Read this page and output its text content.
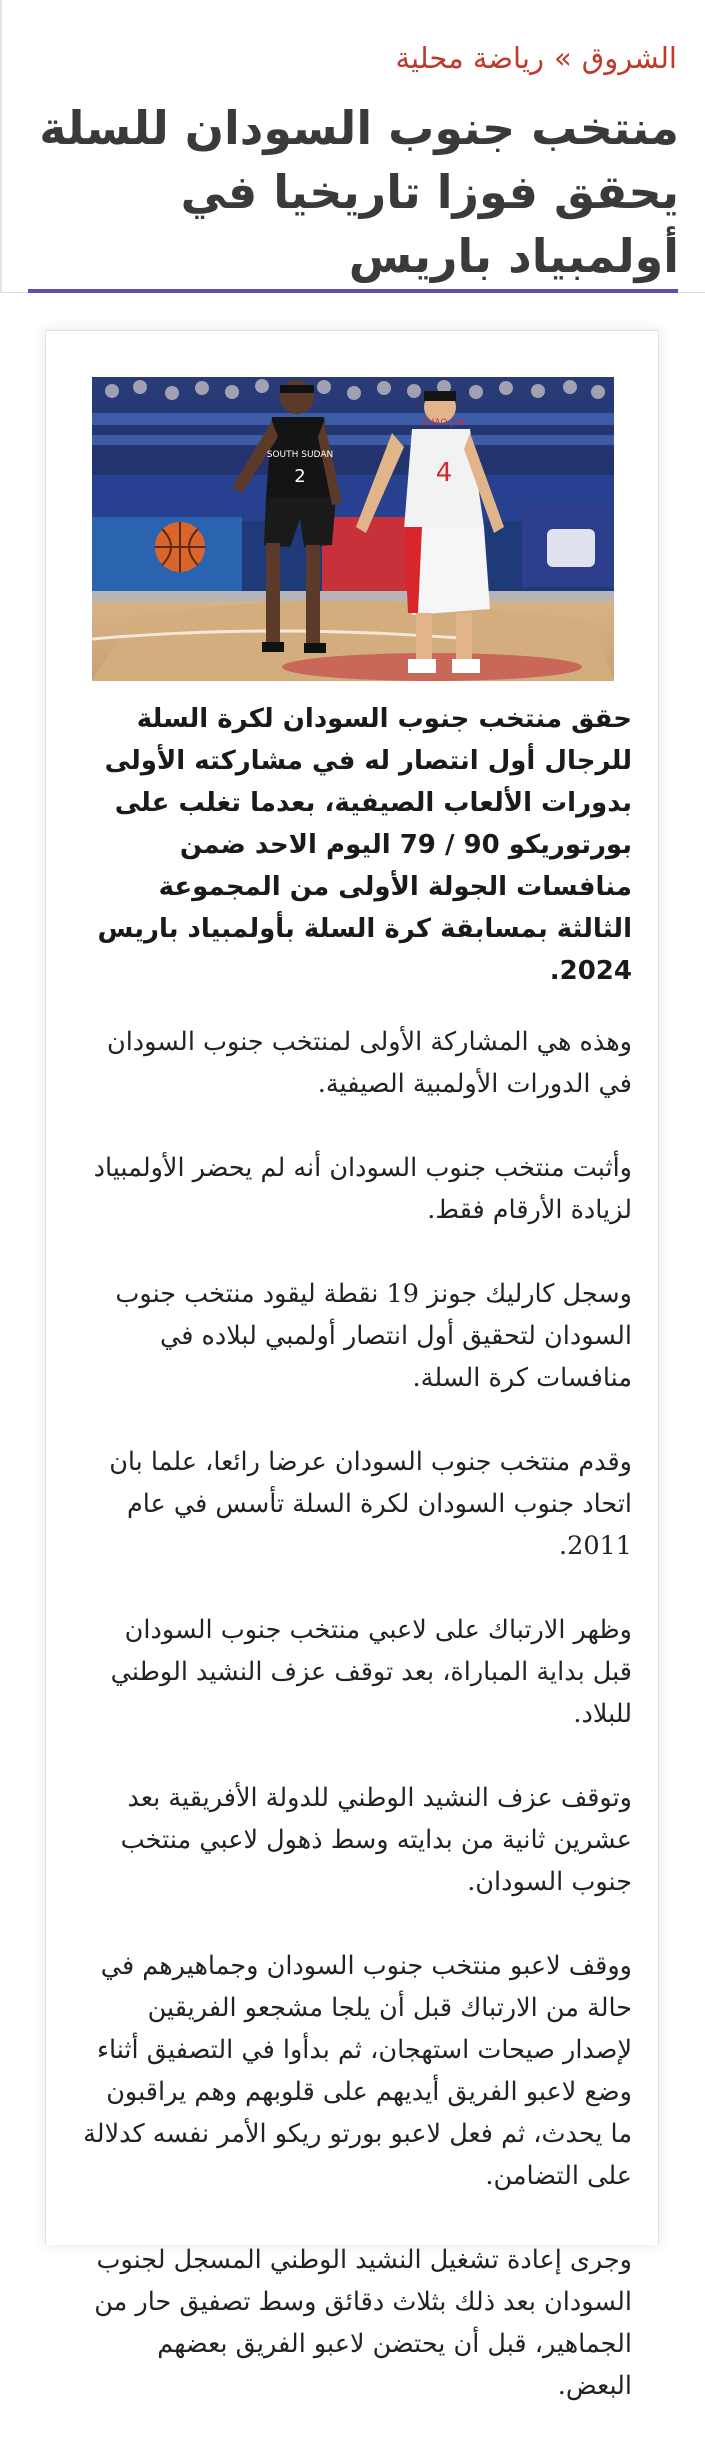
الشروق»رياضة محلية
منتخب جنوب السودان للسلة يحقق فوزا تاريخيا في أولمبياد باريس
SOUTH SUDAN
2
ZHAO J.W.
4

حقق منتخب جنوب السودان لكرة السلة للرجال أول انتصار له في مشاركته الأولى بدورات الألعاب الصيفية، بعدما تغلب على بورتوريكو 90 / 79 اليوم الاحد ضمن منافسات الجولة الأولى من المجموعة الثالثة بمسابقة كرة السلة بأولمبياد باريس 2024.

وهذه هي المشاركة الأولى لمنتخب جنوب السودان في الدورات الأولمبية الصيفية.

وأثبت منتخب جنوب السودان أنه لم يحضر الأولمبياد لزيادة الأرقام فقط.

وسجل كارليك جونز 19 نقطة ليقود منتخب جنوب السودان لتحقيق أول انتصار أولمبي لبلاده في منافسات كرة السلة.

وقدم منتخب جنوب السودان عرضا رائعا، علما بان اتحاد جنوب السودان لكرة السلة تأسس في عام 2011.

وظهر الارتباك على لاعبي منتخب جنوب السودان قبل بداية المباراة، بعد توقف عزف النشيد الوطني للبلاد.

وتوقف عزف النشيد الوطني للدولة الأفريقية بعد عشرين ثانية من بدايته وسط ذهول لاعبي منتخب جنوب السودان.

ووقف لاعبو منتخب جنوب السودان وجماهيرهم في حالة من الارتباك قبل أن يلجا مشجعو الفريقين لإصدار صيحات استهجان، ثم بدأوا في التصفيق أثناء وضع لاعبو الفريق أيديهم على قلوبهم وهم يراقبون ما يحدث، ثم فعل لاعبو بورتو ريكو الأمر نفسه كدلالة على التضامن.

وجرى إعادة تشغيل النشيد الوطني المسجل لجنوب السودان بعد ذلك بثلاث دقائق وسط تصفيق حار من الجماهير، قبل أن يحتضن لاعبو الفريق بعضهم البعض.
